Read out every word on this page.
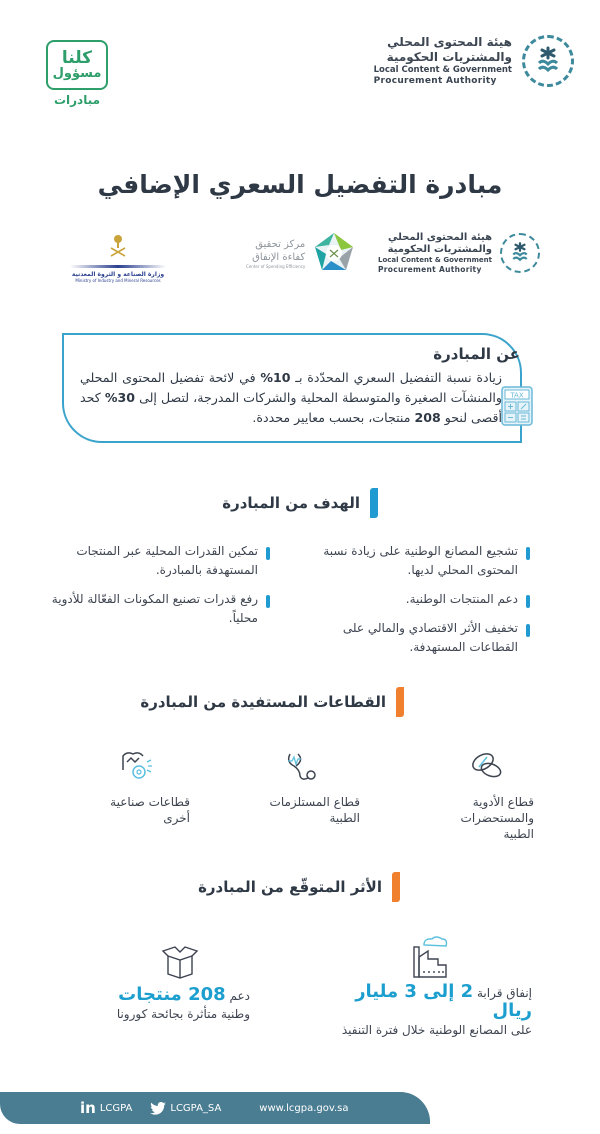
كلنا
مسؤول
مبادرات
هيئة المحتوى المحلي
والمشتريات الحكومية
Local Content & Government
Procurement Authority
مبادرة التفضيل السعري الإضافي
وزارة الصناعة و الثروة المعدنية
Ministry of Industry and Mineral Resources
مركز تحقيق
كفاءة الإنفاق
Center of Spending Efficiency
هيئة المحتوى المحلي
والمشتريات الحكومية
Local Content & Government
Procurement Authority
عن المبادرة
زيادة نسبة التفضيل السعري المحدّدة بـ 10% في لائحة تفضيل المحتوى المحلي والمنشآت الصغيرة والمتوسطة المحلية والشركات المدرجة، لتصل إلى 30% كحد أقصى لنحو 208 منتجات، بحسب معايير محددة.
TAX
الهدف من المبادرة
تشجيع المصانع الوطنية على زيادة نسبة المحتوى المحلي لديها.
دعم المنتجات الوطنية.
تخفيف الأثر الاقتصادي والمالي على القطاعات المستهدفة.
تمكين القدرات المحلية عبر المنتجات المستهدفة بالمبادرة.
رفع قدرات تصنيع المكونات الفعّالة للأدوية محلياً.
القطاعات المستفيدة من المبادرة
قطاع الأدوية والمستحضرات الطبية
قطاع المستلزمات الطبية
قطاعات صناعية أخرى
الأثر المتوقّع من المبادرة
إنفاق قرابة 2 إلى 3 مليار ريال
على المصانع الوطنية خلال فترة التنفيذ
دعم 208 منتجات
وطنية متأثرة بجائحة كورونا
in LCGPA	LCGPA_SA	www.lcgpa.gov.sa
